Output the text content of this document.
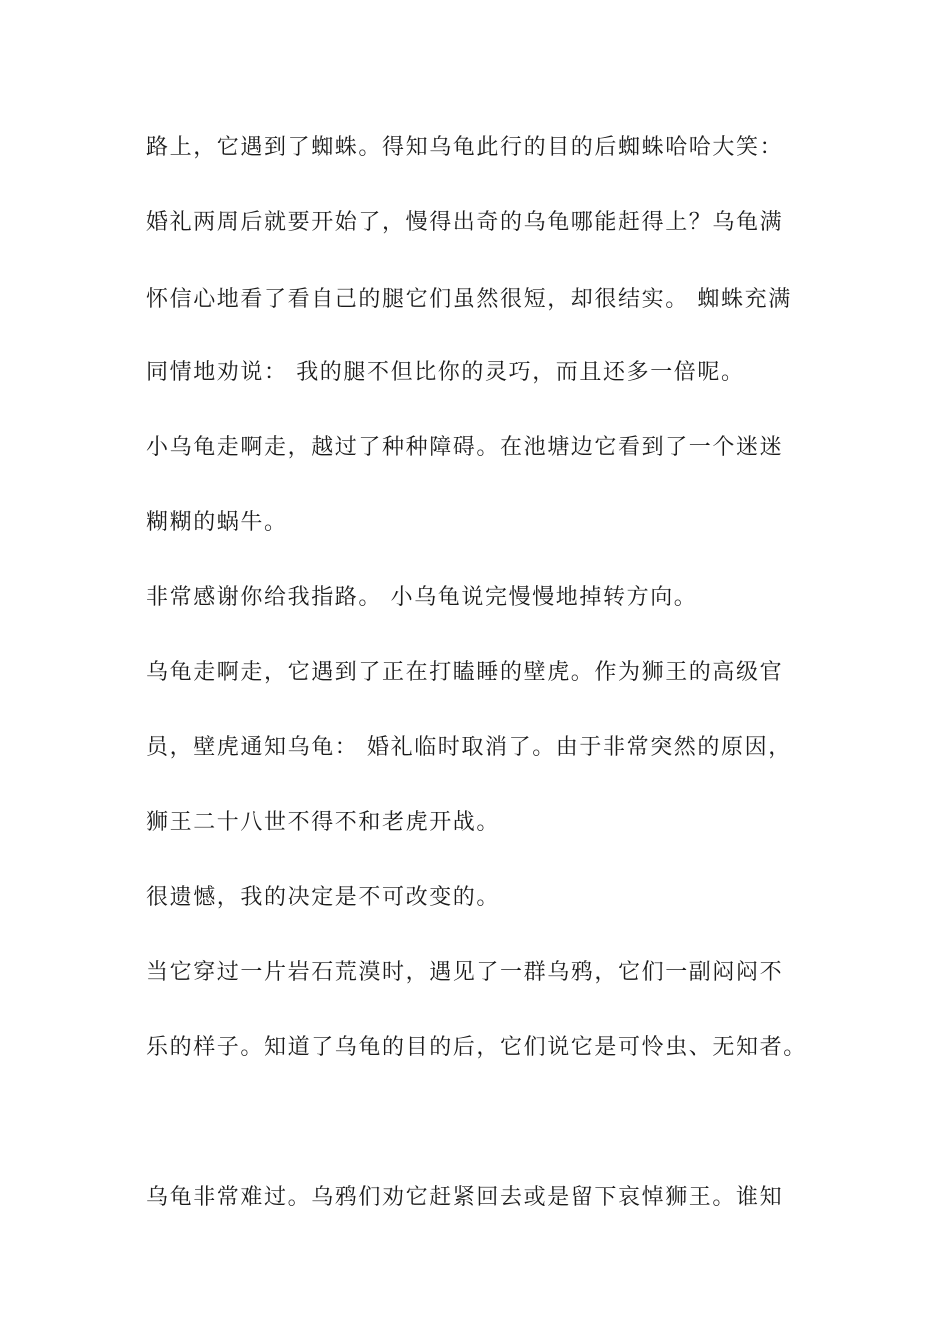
路上，它遇到了蜘蛛。得知乌龟此行的目的后蜘蛛哈哈大笑：
婚礼两周后就要开始了，慢得出奇的乌龟哪能赶得上？乌龟满
怀信心地看了看自己的腿它们虽然很短，却很结实。 蜘蛛充满
同情地劝说： 我的腿不但比你的灵巧，而且还多一倍呢。
小乌龟走啊走，越过了种种障碍。在池塘边它看到了一个迷迷
糊糊的蜗牛。
非常感谢你给我指路。 小乌龟说完慢慢地掉转方向。
乌龟走啊走，它遇到了正在打瞌睡的壁虎。作为狮王的高级官
员，壁虎通知乌龟： 婚礼临时取消了。由于非常突然的原因，
狮王二十八世不得不和老虎开战。
很遗憾，我的决定是不可改变的。
当它穿过一片岩石荒漠时，遇见了一群乌鸦，它们一副闷闷不
乐的样子。知道了乌龟的目的后，它们说它是可怜虫、无知者。
乌龟非常难过。乌鸦们劝它赶紧回去或是留下哀悼狮王。谁知
